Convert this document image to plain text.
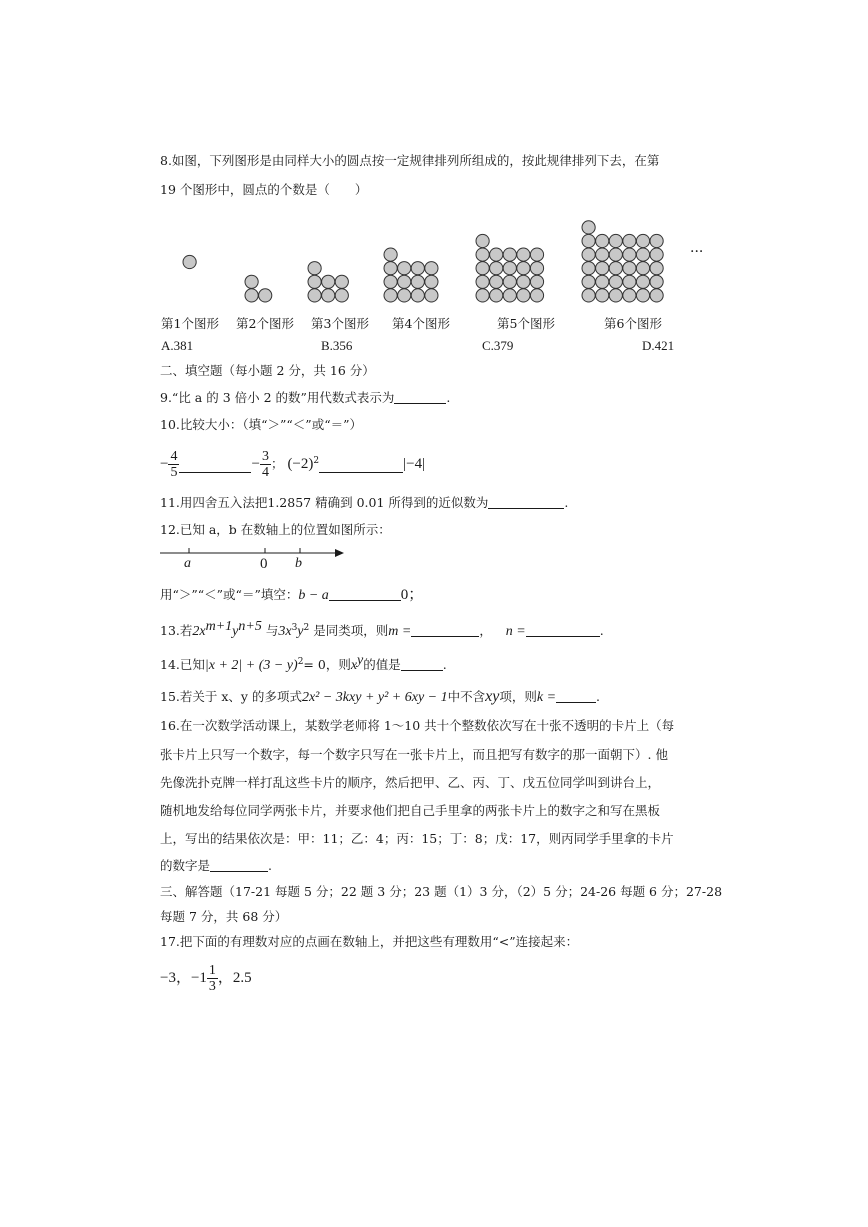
8.如图，下列图形是由同样大小的圆点按一定规律排列所组成的，按此规律排列下去，在第
19 个图形中，圆点的个数是（　　）
···
第1个图形 第2个图形 第3个图形 第4个图形	第5个图形	第6个图形
A.381	B.356	C.379	D.421
二、填空题（每小题 2 分，共 16 分）
9.“比 a 的 3 倍小 2 的数”用代数式表示为	.
10.比较大小：（填“＞”“＜”或“＝”）
− $\frac{4}{5}$	− $\frac{3}{4}$ ； $(-2)^2$	|−4|
11.用四舍五入法把1.2857 精确到 0.01 所得到的近似数为	.
12.已知 a，b 在数轴上的位置如图所示：
a	0 b
用“＞”“＜”或“＝”填空：b − a	0；
13.若$2x^{m+1}y^{n+5}$ 与$3x^3y^2$ 是同类项，则m =	， n =	.
14.已知$|x + 2| + (3 - y)^2= 0$，则$x^y$的值是	.
15.若关于 x、y 的多项式2x² − 3kxy + y² + 6xy − 1中不含xy项，则k =	.
16.在一次数学活动课上，某数学老师将 1～10 共十个整数依次写在十张不透明的卡片上（每
张卡片上只写一个数字，每一个数字只写在一张卡片上，而且把写有数字的那一面朝下）. 他
先像洗扑克牌一样打乱这些卡片的顺序，然后把甲、乙、丙、丁、戊五位同学叫到讲台上，
随机地发给每位同学两张卡片，并要求他们把自己手里拿的两张卡片上的数字之和写在黑板
上，写出的结果依次是：甲：11；乙：4；丙：15；丁：8；戊：17，则丙同学手里拿的卡片
的数字是	.
三、解答题（17-21 每题 5 分；22 题 3 分；23 题（1）3 分，（2）5 分；24-26 每题 6 分；27-28
每题 7 分，共 68 分）
17.把下面的有理数对应的点画在数轴上，并把这些有理数用“<”连接起来：
−3，$-1 \frac{1}{3}$ ，2.5
